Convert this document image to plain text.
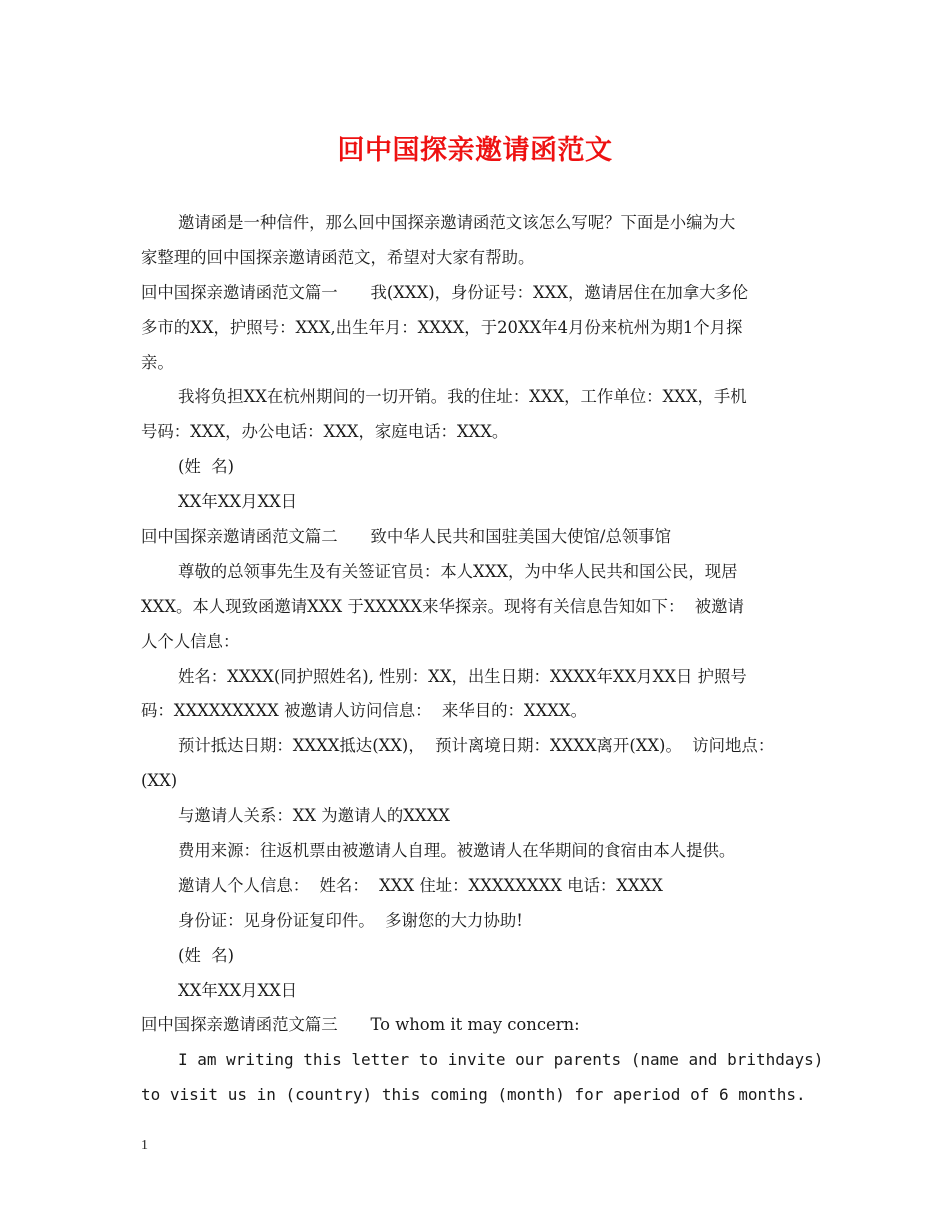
回中国探亲邀请函范文
邀请函是一种信件，那么回中国探亲邀请函范文该怎么写呢？下面是小编为大
家整理的回中国探亲邀请函范文，希望对大家有帮助。
回中国探亲邀请函范文篇一　　我(XXX)，身份证号：XXX，邀请居住在加拿大多伦
多市的XX，护照号：XXX,出生年月：XXXX，于20XX年4月份来杭州为期1个月探
亲。
我将负担XX在杭州期间的一切开销。我的住址：XXX，工作单位：XXX，手机
号码：XXX，办公电话：XXX，家庭电话：XXX。
(姓  名)
XX年XX月XX日
回中国探亲邀请函范文篇二　　致中华人民共和国驻美国大使馆/总领事馆
尊敬的总领事先生及有关签证官员：本人XXX，为中华人民共和国公民，现居
XXX。本人现致函邀请XXX 于XXXXX来华探亲。现将有关信息告知如下：  被邀请
人个人信息：
姓名：XXXX(同护照姓名), 性别：XX，出生日期：XXXX年XX月XX日 护照号
码：XXXXXXXXX 被邀请人访问信息：  来华目的：XXXX。
预计抵达日期：XXXX抵达(XX)，  预计离境日期：XXXX离开(XX)。  访问地点：
(XX)
与邀请人关系：XX 为邀请人的XXXX
费用来源：往返机票由被邀请人自理。被邀请人在华期间的食宿由本人提供。
邀请人个人信息：  姓名：  XXX 住址：XXXXXXXX 电话：XXXX
身份证：见身份证复印件。  多谢您的大力协助!
(姓  名)
XX年XX月XX日
回中国探亲邀请函范文篇三　　To whom it may concern:
I am writing this letter to invite our parents (name and brithdays)
to visit us in (country) this coming (month) for aperiod of 6 months.
1
